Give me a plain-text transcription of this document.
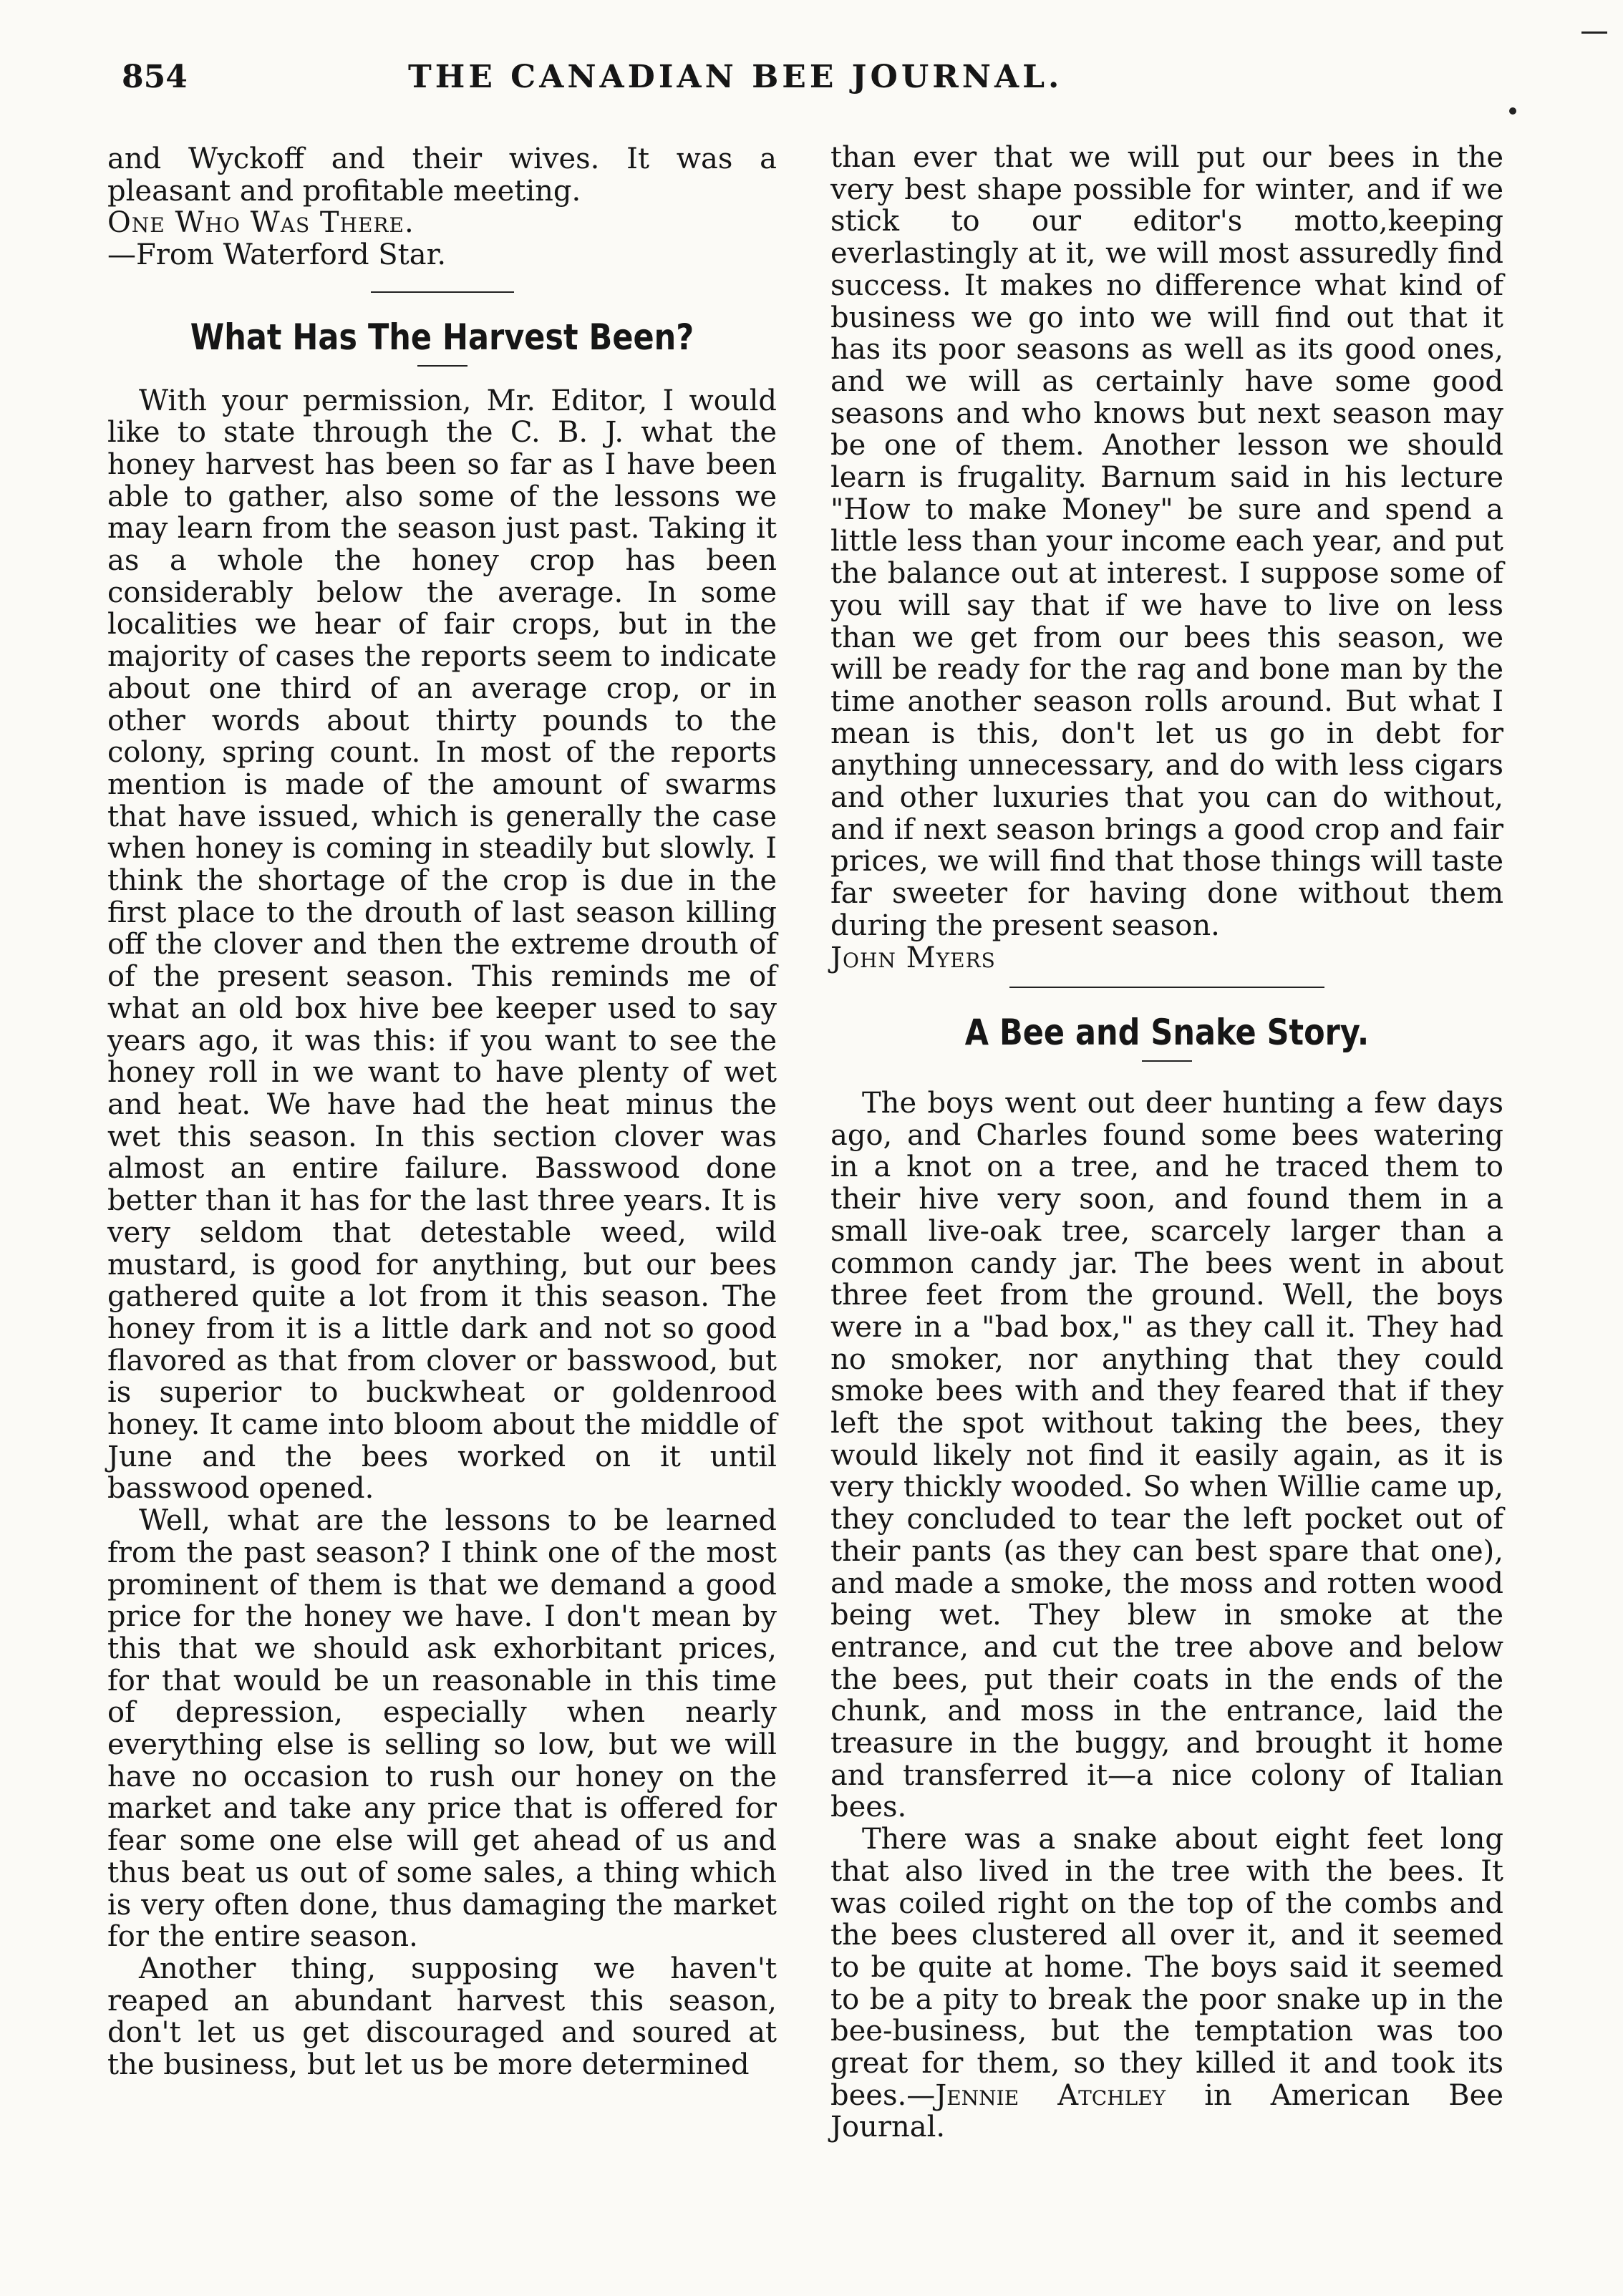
854	THE CANADIAN BEE JOURNAL.

and Wyckoff and their wives. It was a pleasant and profitable meeting.

One Who Was There.

—From Waterford Star.

What Has The Harvest Been?

With your permission, Mr. Editor, I would like to state through the C. B. J. what the honey harvest has been so far as I have been able to gather, also some of the lessons we may learn from the season just past. Taking it as a whole the honey crop has been considerably below the average. In some localities we hear of fair crops, but in the majority of cases the reports seem to indicate about one third of an average crop, or in other words about thirty pounds to the colony, spring count. In most of the reports mention is made of the amount of swarms that have issued, which is generally the case when honey is coming in steadily but slowly. I think the shortage of the crop is due in the first place to the drouth of last season killing off the clover and then the extreme drouth of of the present season. This reminds me of what an old box hive bee keeper used to say years ago, it was this: if you want to see the honey roll in we want to have plenty of wet and heat. We have had the heat minus the wet this season. In this section clover was almost an entire failure. Basswood done better than it has for the last three years. It is very seldom that detestable weed, wild mustard, is good for anything, but our bees gathered quite a lot from it this season. The honey from it is a little dark and not so good flavored as that from clover or basswood, but is superior to buckwheat or goldenrood honey. It came into bloom about the middle of June and the bees worked on it until basswood opened.

Well, what are the lessons to be learned from the past season? I think one of the most prominent of them is that we demand a good price for the honey we have. I don't mean by this that we should ask exhorbitant prices, for that would be un reasonable in this time of depression, especially when nearly everything else is selling so low, but we will have no occasion to rush our honey on the market and take any price that is offered for fear some one else will get ahead of us and thus beat us out of some sales, a thing which is very often done, thus damaging the market for the entire season.

Another thing, supposing we haven't reaped an abundant harvest this season, don't let us get discouraged and soured at the business, but let us be more determined

than ever that we will put our bees in the very best shape possible for winter, and if we stick to our editor's motto,keeping everlastingly at it, we will most assuredly find success. It makes no difference what kind of business we go into we will find out that it has its poor seasons as well as its good ones, and we will as certainly have some good seasons and who knows but next season may be one of them. Another lesson we should learn is frugality. Barnum said in his lecture "How to make Money" be sure and spend a little less than your income each year, and put the balance out at interest. I suppose some of you will say that if we have to live on less than we get from our bees this season, we will be ready for the rag and bone man by the time another season rolls around. But what I mean is this, don't let us go in debt for anything unnecessary, and do with less cigars and other luxuries that you can do without, and if next season brings a good crop and fair prices, we will find that those things will taste far sweeter for having done without them during the present season.

John Myers

A Bee and Snake Story.

The boys went out deer hunting a few days ago, and Charles found some bees watering in a knot on a tree, and he traced them to their hive very soon, and found them in a small live-oak tree, scarcely larger than a common candy jar. The bees went in about three feet from the ground. Well, the boys were in a "bad box," as they call it. They had no smoker, nor anything that they could smoke bees with and they feared that if they left the spot without taking the bees, they would likely not find it easily again, as it is very thickly wooded. So when Willie came up, they concluded to tear the left pocket out of their pants (as they can best spare that one), and made a smoke, the moss and rotten wood being wet. They blew in smoke at the entrance, and cut the tree above and below the bees, put their coats in the ends of the chunk, and moss in the entrance, laid the treasure in the buggy, and brought it home and transferred it—a nice colony of Italian bees.

There was a snake about eight feet long that also lived in the tree with the bees. It was coiled right on the top of the combs and the bees clustered all over it, and it seemed to be quite at home. The boys said it seemed to be a pity to break the poor snake up in the bee-business, but the temptation was too great for them, so they killed it and took its bees.—Jennie Atchley in American Bee Journal.
